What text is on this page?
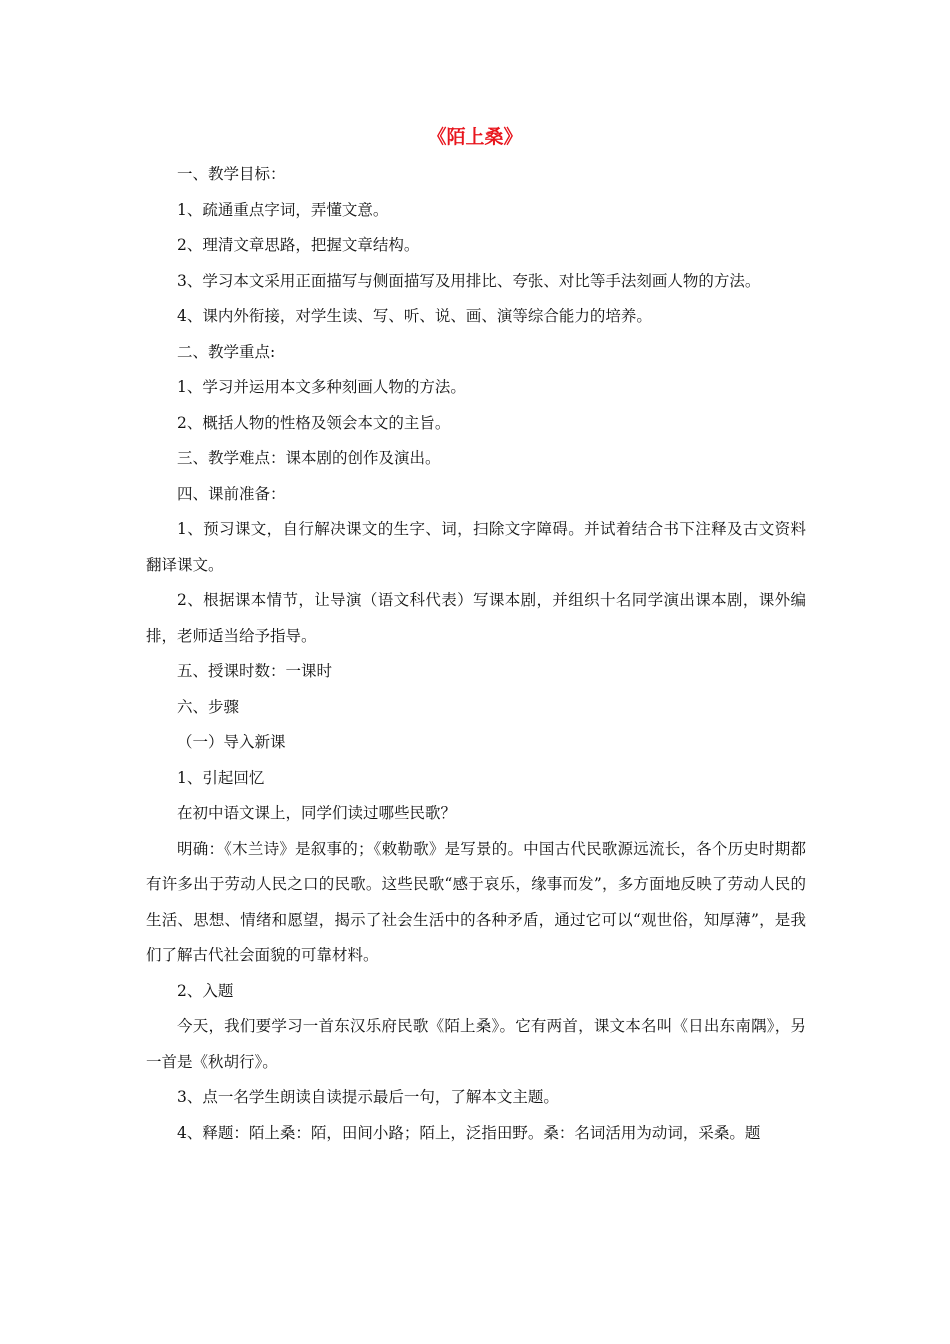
《陌上桑》

一、教学目标：

1、疏通重点字词，弄懂文意。

2、理清文章思路，把握文章结构。

3、学习本文采用正面描写与侧面描写及用排比、夸张、对比等手法刻画人物的方法。

4、课内外衔接，对学生读、写、听、说、画、演等综合能力的培养。

二、教学重点:

1、学习并运用本文多种刻画人物的方法。

2、概括人物的性格及领会本文的主旨。

三、教学难点：课本剧的创作及演出。

四、课前准备：

1、预习课文，自行解决课文的生字、词，扫除文字障碍。并试着结合书下注释及古文资料翻译课文。

2、根据课本情节，让导演（语文科代表）写课本剧，并组织十名同学演出课本剧，课外编排，老师适当给予指导。

五、授课时数：一课时

六、步骤

（一）导入新课

1、引起回忆

在初中语文课上，同学们读过哪些民歌？

明确：《木兰诗》是叙事的；《敕勒歌》是写景的。中国古代民歌源远流长，各个历史时期都有许多出于劳动人民之口的民歌。这些民歌“感于哀乐，缘事而发”，多方面地反映了劳动人民的生活、思想、情绪和愿望，揭示了社会生活中的各种矛盾，通过它可以“观世俗，知厚薄”，是我们了解古代社会面貌的可靠材料。

2、入题

今天，我们要学习一首东汉乐府民歌《陌上桑》。它有两首，课文本名叫《日出东南隅》，另一首是《秋胡行》。

3、点一名学生朗读自读提示最后一句，了解本文主题。

4、释题：陌上桑：陌，田间小路；陌上，泛指田野。桑：名词活用为动词，采桑。题
